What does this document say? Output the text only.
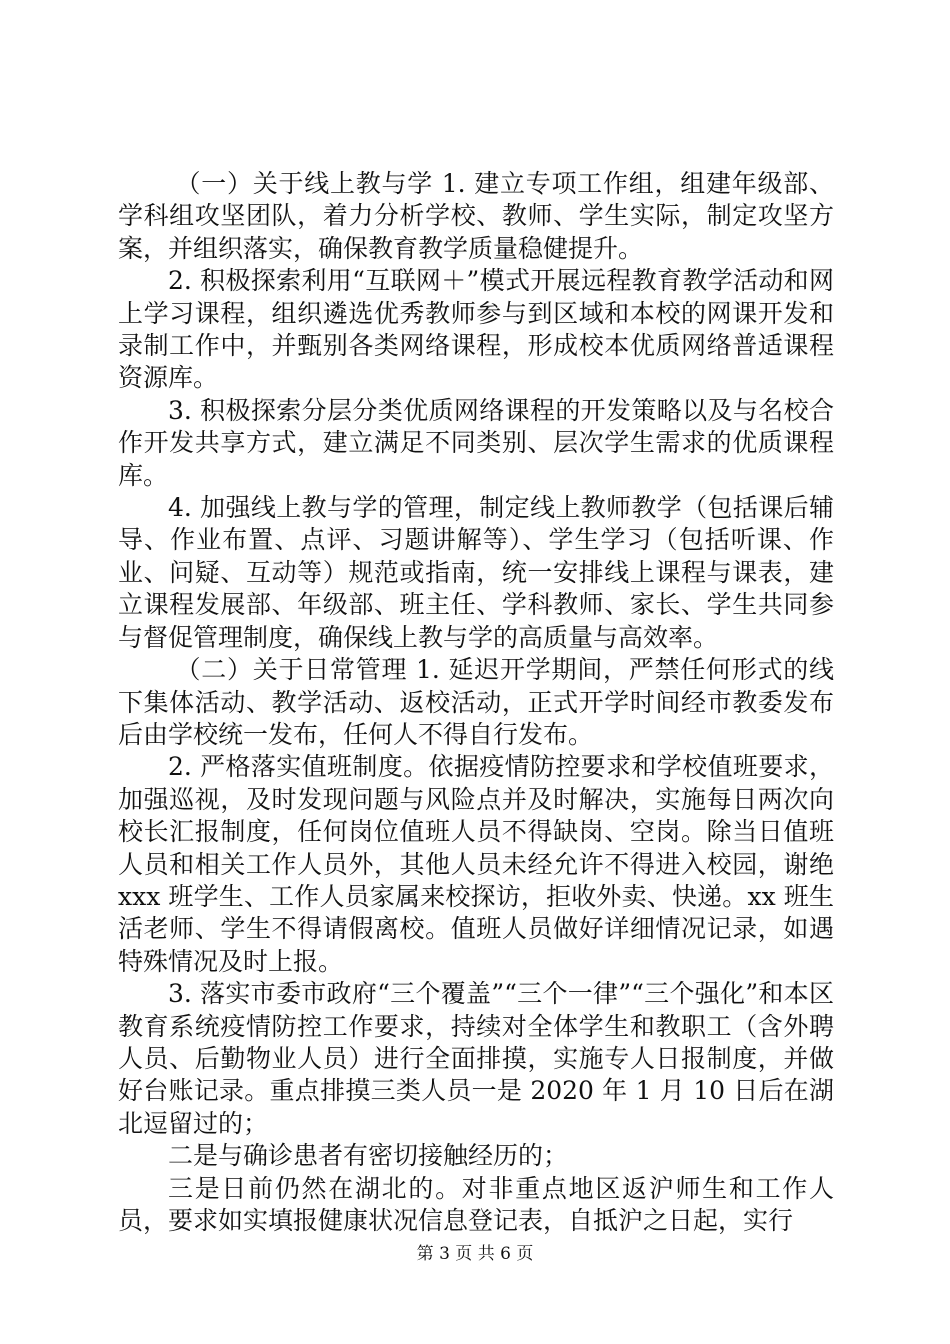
（一）关于线上教与学 1. 建立专项工作组，组建年级部、学科组攻坚团队，着力分析学校、教师、学生实际，制定攻坚方案，并组织落实，确保教育教学质量稳健提升。

2. 积极探索利用“互联网＋”模式开展远程教育教学活动和网上学习课程，组织遴选优秀教师参与到区域和本校的网课开发和录制工作中，并甄别各类网络课程，形成校本优质网络普适课程资源库。

3. 积极探索分层分类优质网络课程的开发策略以及与名校合作开发共享方式，建立满足不同类别、层次学生需求的优质课程库。

4. 加强线上教与学的管理，制定线上教师教学（包括课后辅导、作业布置、点评、习题讲解等）、学生学习（包括听课、作业、问疑、互动等）规范或指南，统一安排线上课程与课表，建立课程发展部、年级部、班主任、学科教师、家长、学生共同参与督促管理制度，确保线上教与学的高质量与高效率。

（二）关于日常管理 1. 延迟开学期间，严禁任何形式的线下集体活动、教学活动、返校活动，正式开学时间经市教委发布后由学校统一发布，任何人不得自行发布。

2. 严格落实值班制度。依据疫情防控要求和学校值班要求，加强巡视，及时发现问题与风险点并及时解决，实施每日两次向校长汇报制度，任何岗位值班人员不得缺岗、空岗。除当日值班人员和相关工作人员外，其他人员未经允许不得进入校园，谢绝 xxx 班学生、工作人员家属来校探访，拒收外卖、快递。xx 班生活老师、学生不得请假离校。值班人员做好详细情况记录，如遇特殊情况及时上报。

3. 落实市委市政府“三个覆盖”“三个一律”“三个强化”和本区教育系统疫情防控工作要求，持续对全体学生和教职工（含外聘人员、后勤物业人员）进行全面排摸，实施专人日报制度，并做好台账记录。重点排摸三类人员一是 2020 年 1 月 10 日后在湖北逗留过的；

二是与确诊患者有密切接触经历的；

三是日前仍然在湖北的。对非重点地区返沪师生和工作人员，要求如实填报健康状况信息登记表，自抵沪之日起，实行

第 3 页 共 6 页
